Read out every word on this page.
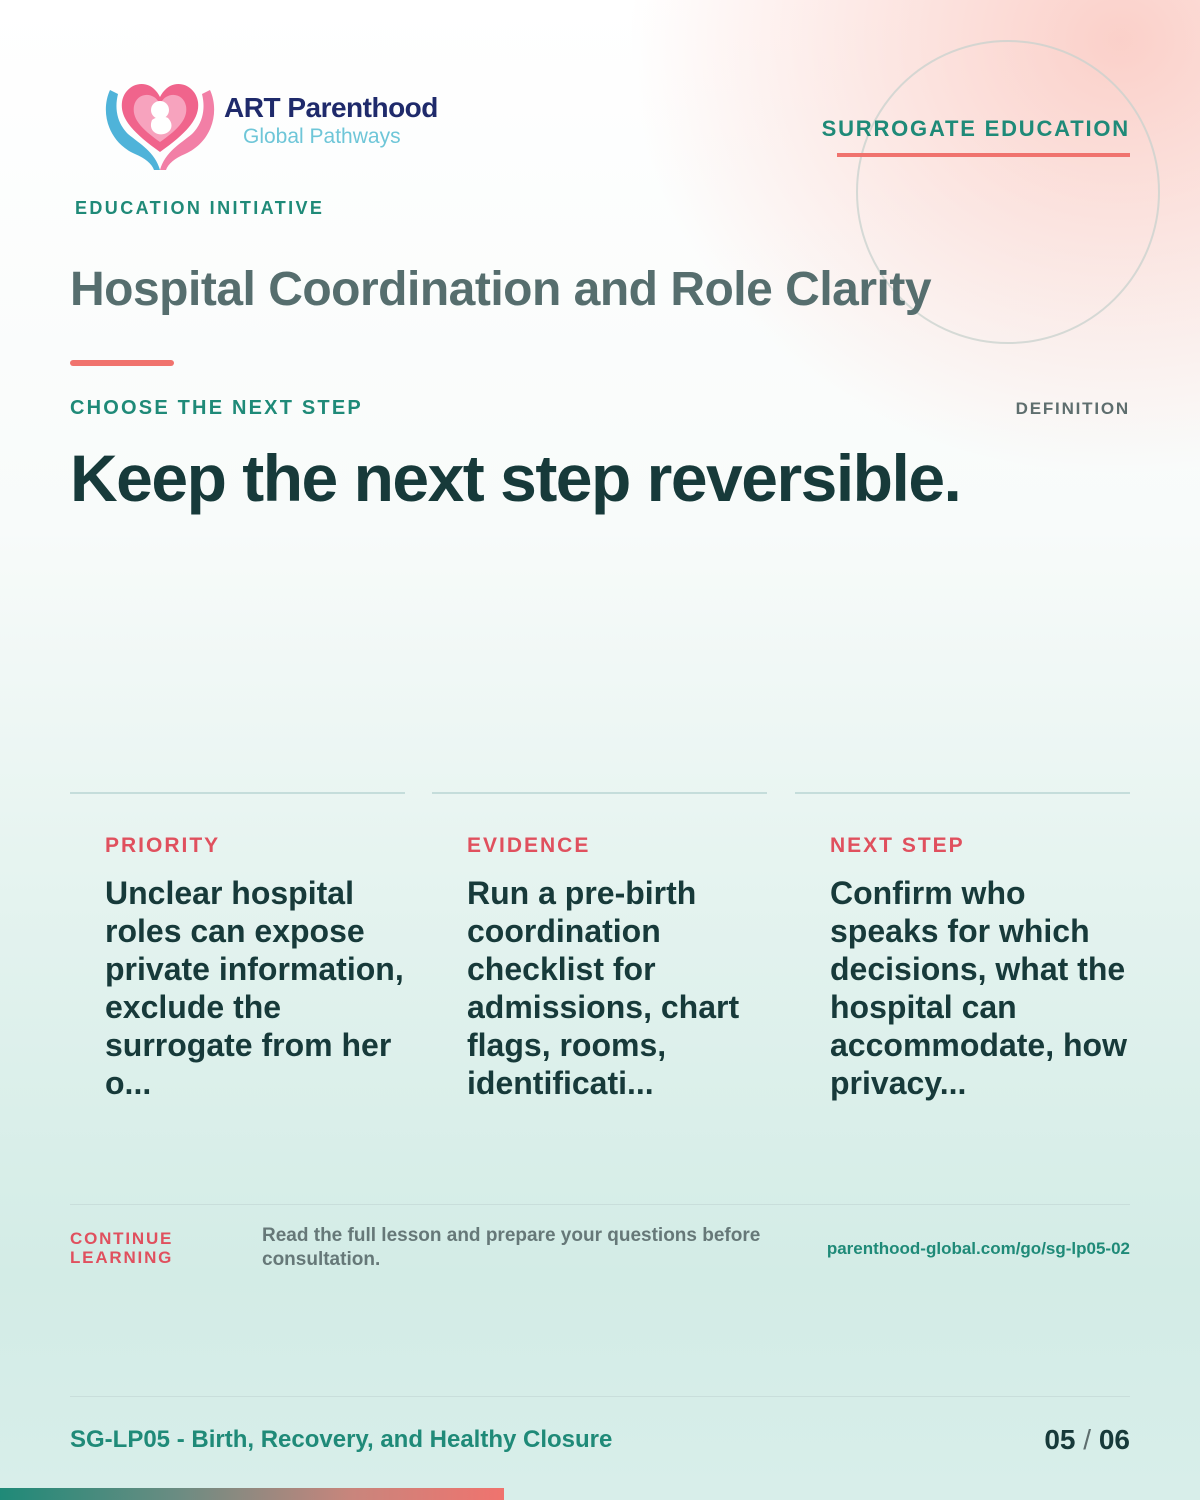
ART Parenthood
Global Pathways
EDUCATION INITIATIVE
SURROGATE EDUCATION
Hospital Coordination and Role Clarity
CHOOSE THE NEXT STEP	DEFINITION
Keep the next step reversible.
PRIORITY
Unclear hospital roles can expose private information, exclude the surrogate from her o...
EVIDENCE
Run a pre-birth coordination checklist for admissions, chart flags, rooms, identificati...
NEXT STEP
Confirm who speaks for which decisions, what the hospital can accommodate, how privacy...
CONTINUE LEARNING
Read the full lesson and prepare your questions before consultation.
parenthood-global.com/go/sg-lp05-02
SG-LP05 - Birth, Recovery, and Healthy Closure	05 / 06
